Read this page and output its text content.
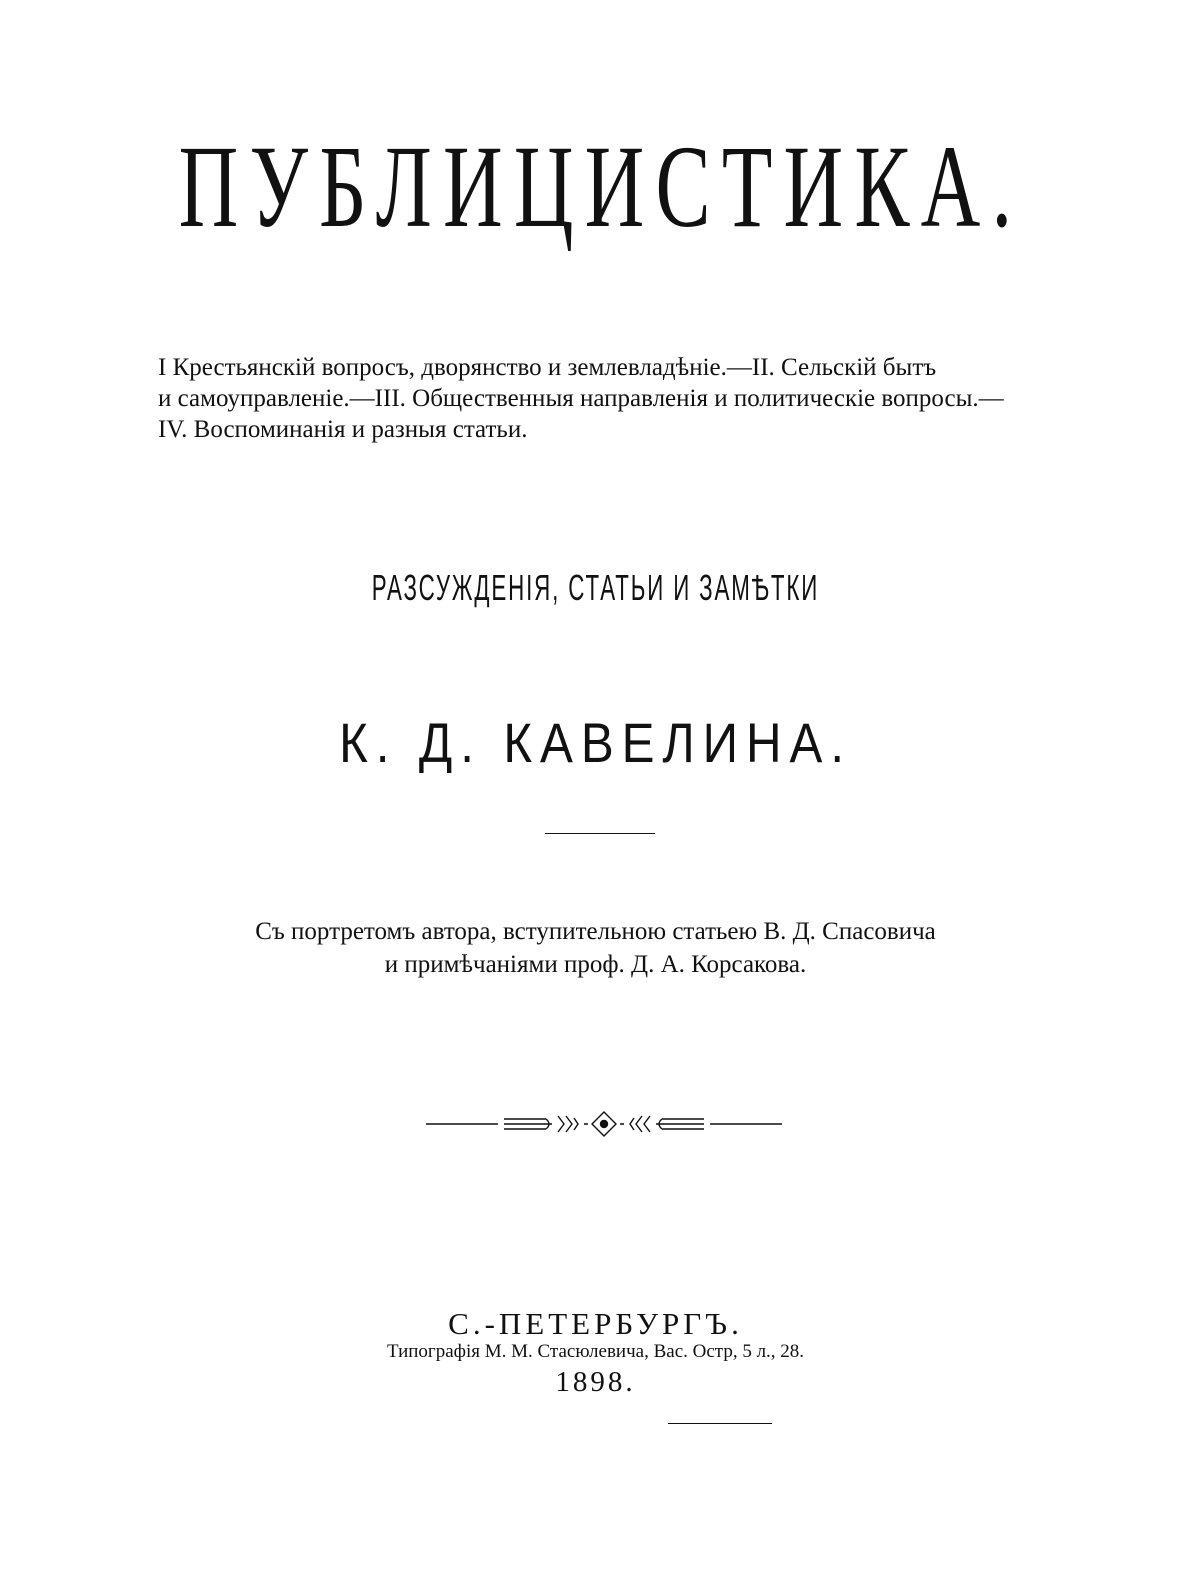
ПУБЛИЦИСТИКА.
I Крестьянскій вопросъ, дворянство и землевладѣніе.—II. Сельскій бытъ
и самоуправленіе.—III. Общественныя направленія и политическіе вопросы.—
IV. Воспоминанія и разныя статьи.
РАЗСУЖДЕНІЯ, СТАТЬИ И ЗАМѢТКИ
К. Д. КАВЕЛИНА.
Съ портретомъ автора, вступительною статьею В. Д. Спасовича
и примѣчаніями проф. Д. А. Корсакова.
С.-ПЕТЕРБУРГЪ.
Типографія М. М. Стасюлевича, Вас. Остр, 5 л., 28.
1898.
